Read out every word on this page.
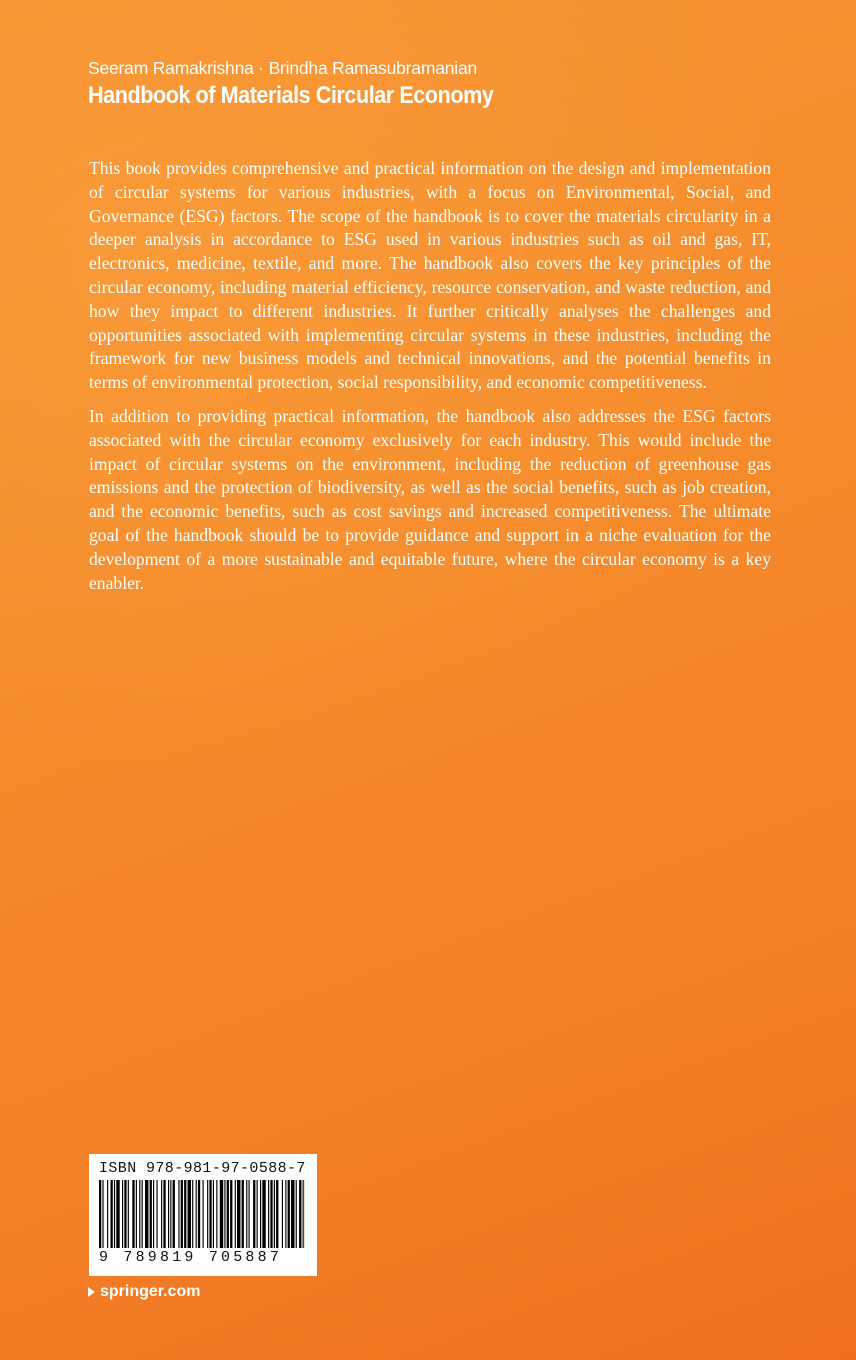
Seeram Ramakrishna · Brindha Ramasubramanian
Handbook of Materials Circular Economy

This book provides comprehensive and practical information on the design and implementation of circular systems for various industries, with a focus on Environmental, Social, and Governance (ESG) factors. The scope of the handbook is to cover the materials circularity in a deeper analysis in accordance to ESG used in various industries such as oil and gas, IT, electronics, medicine, textile, and more. The handbook also covers the key principles of the circular economy, including material efficiency, resource conservation, and waste reduction, and how they impact to different industries. It further critically analyses the challenges and opportunities associated with implementing circular systems in these industries, including the framework for new business models and technical innovations, and the potential benefits in terms of environmental protection, social responsibility, and economic competitiveness.

In addition to providing practical information, the handbook also addresses the ESG factors associated with the circular economy exclusively for each industry. This would include the impact of circular systems on the environment, including the reduction of greenhouse gas emissions and the protection of biodiversity, as well as the social benefits, such as job creation, and the economic benefits, such as cost savings and increased competitiveness. The ultimate goal of the handbook should be to provide guidance and support in a niche evaluation for the development of a more sustainable and equitable future, where the circular economy is a key enabler.

ISBN 978-981-97-0588-7
9 789819 705887
springer.com
